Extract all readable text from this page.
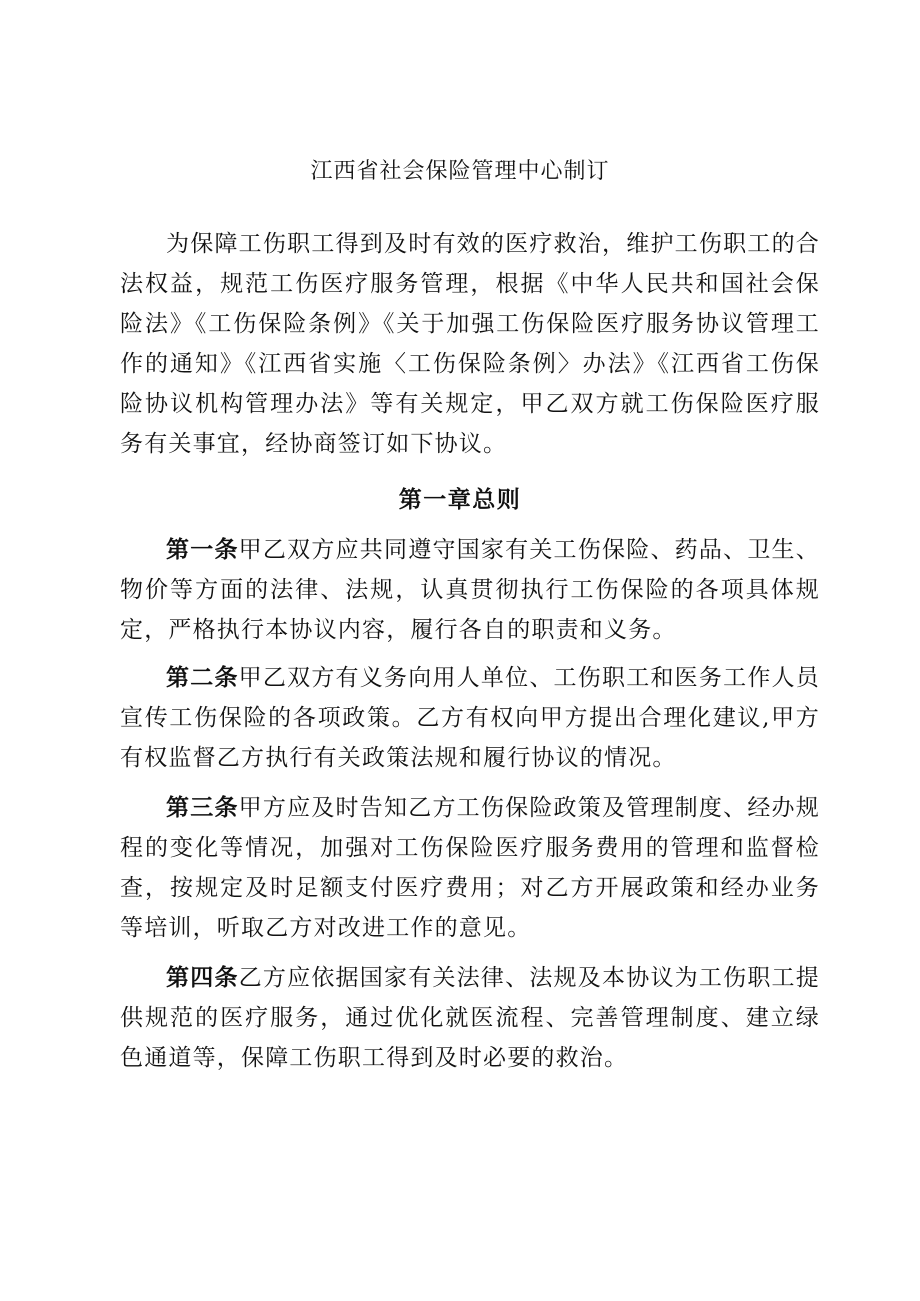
江西省社会保险管理中心制订

为保障工伤职工得到及时有效的医疗救治，维护工伤职工的合法权益，规范工伤医疗服务管理，根据《中华人民共和国社会保险法》《工伤保险条例》《关于加强工伤保险医疗服务协议管理工作的通知》《江西省实施〈工伤保险条例〉办法》《江西省工伤保险协议机构管理办法》等有关规定，甲乙双方就工伤保险医疗服务有关事宜，经协商签订如下协议。

第一章总则

第一条甲乙双方应共同遵守国家有关工伤保险、药品、卫生、物价等方面的法律、法规，认真贯彻执行工伤保险的各项具体规定，严格执行本协议内容，履行各自的职责和义务。

第二条甲乙双方有义务向用人单位、工伤职工和医务工作人员宣传工伤保险的各项政策。乙方有权向甲方提出合理化建议,甲方有权监督乙方执行有关政策法规和履行协议的情况。

第三条甲方应及时告知乙方工伤保险政策及管理制度、经办规程的变化等情况，加强对工伤保险医疗服务费用的管理和监督检查，按规定及时足额支付医疗费用；对乙方开展政策和经办业务等培训，听取乙方对改进工作的意见。

第四条乙方应依据国家有关法律、法规及本协议为工伤职工提供规范的医疗服务，通过优化就医流程、完善管理制度、建立绿色通道等，保障工伤职工得到及时必要的救治。
